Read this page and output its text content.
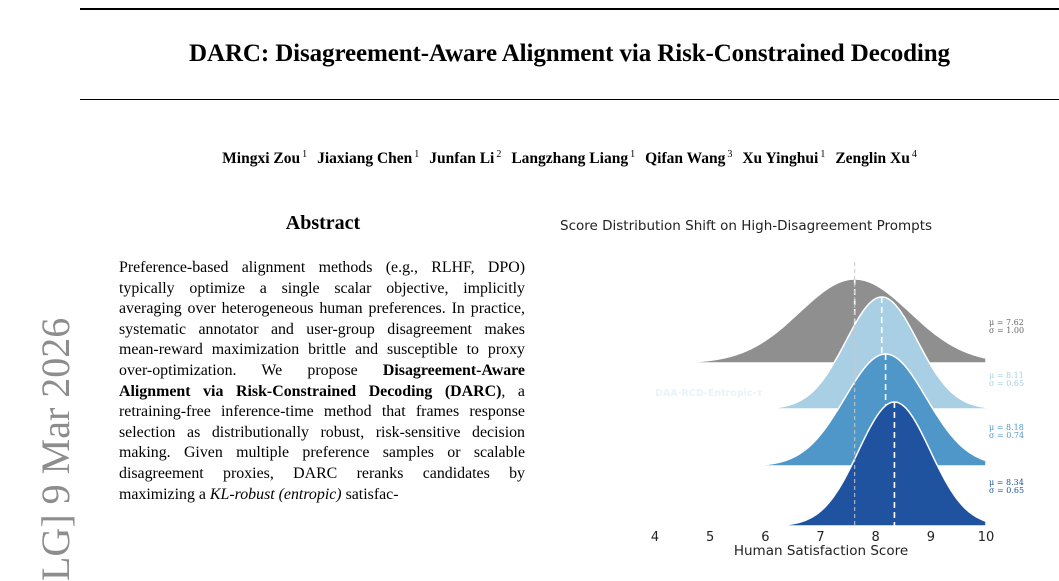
DARC: Disagreement-Aware Alignment via Risk-Constrained Decoding
Mingxi Zou $^1$ Jiaxiang Chen $^1$ Junfan Li $^2$ Langzhang Liang $^1$ Qifan Wang $^3$ Xu Yinghui $^1$ Zenglin Xu $^4$
LG] 9 Mar 2026
Abstract
Preference-based alignment methods (e.g., RLHF, DPO) typically optimize a single scalar objective, implicitly averaging over heterogeneous human preferences. In practice, systematic annotator and user-group disagreement makes mean-reward maximization brittle and susceptible to proxy over-optimization. We propose Disagreement-Aware Alignment via Risk-Constrained Decoding (DARC), a retraining-free inference-time method that frames response selection as distributionally robust, risk-sensitive decision making. Given multiple preference samples or scalable disagreement proxies, DARC reranks candidates by maximizing a KL-robust (entropic) satisfac-
Score Distribution Shift on High-Disagreement Prompts
Base (Best-of-K)
DAA-RCD-Entropic-τ
DAA-RCD-Entropic
DAA-RCD-Entropic-ε
μ = 7.62
σ = 1.00
μ = 8.11
σ = 0.65
μ = 8.18
σ = 0.74
μ = 8.34
σ = 0.65
4	5	6	7	8	9	10
Human Satisfaction Score
